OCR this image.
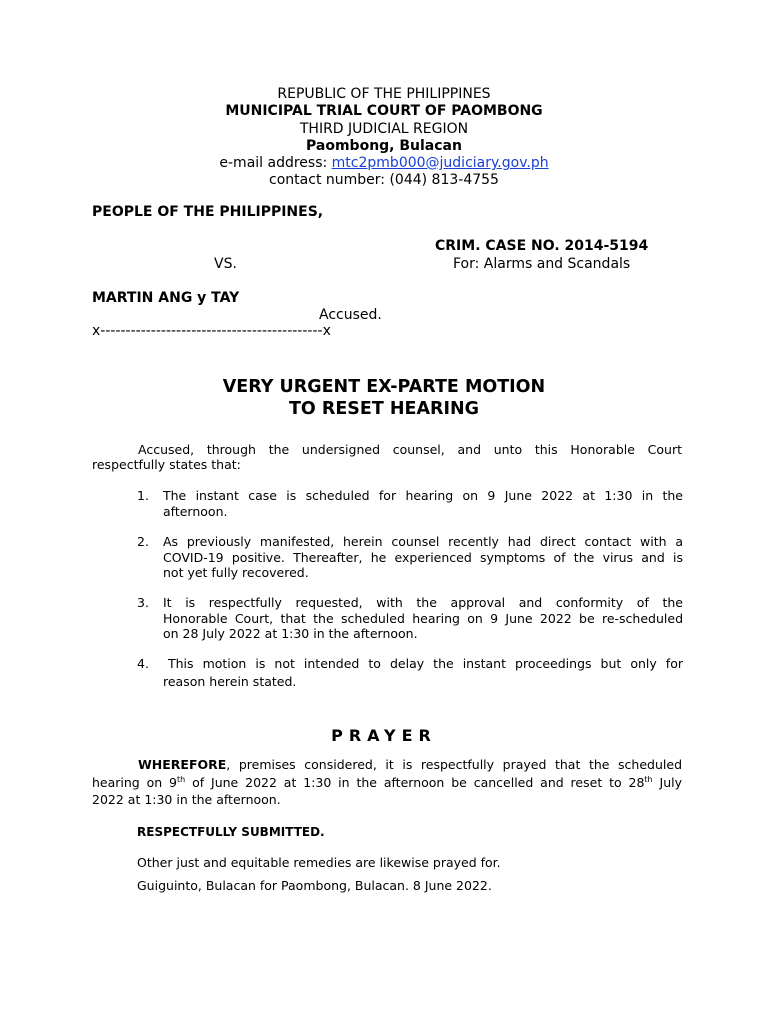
REPUBLIC OF THE PHILIPPINES
MUNICIPAL TRIAL COURT OF PAOMBONG
THIRD JUDICIAL REGION
Paombong, Bulacan
e-mail address: mtc2pmb000@judiciary.gov.ph
contact number: (044) 813-4755
PEOPLE OF THE PHILIPPINES,
CRIM. CASE NO. 2014-5194
VS.	For: Alarms and Scandals
MARTIN ANG y TAY
Accused.
x--------------------------------------------x
VERY URGENT EX-PARTE MOTION
TO RESET HEARING
Accused, through the undersigned counsel, and unto this Honorable Court
respectfully states that:
1. The instant case is scheduled for hearing on 9 June 2022 at 1:30 in the
afternoon.
2. As previously manifested, herein counsel recently had direct contact with a
COVID-19 positive. Thereafter, he experienced symptoms of the virus and is
not yet fully recovered.
3. It is respectfully requested, with the approval and conformity of the
Honorable Court, that the scheduled hearing on 9 June 2022 be re-scheduled
on 28 July 2022 at 1:30 in the afternoon.
4. This motion is not intended to delay the instant proceedings but only for
reason herein stated.
PRAYER
WHEREFORE, premises considered, it is respectfully prayed that the scheduled
hearing on 9th of June 2022 at 1:30 in the afternoon be cancelled and reset to 28th July
2022 at 1:30 in the afternoon.
RESPECTFULLY SUBMITTED.
Other just and equitable remedies are likewise prayed for.
Guiguinto, Bulacan for Paombong, Bulacan. 8 June 2022.
